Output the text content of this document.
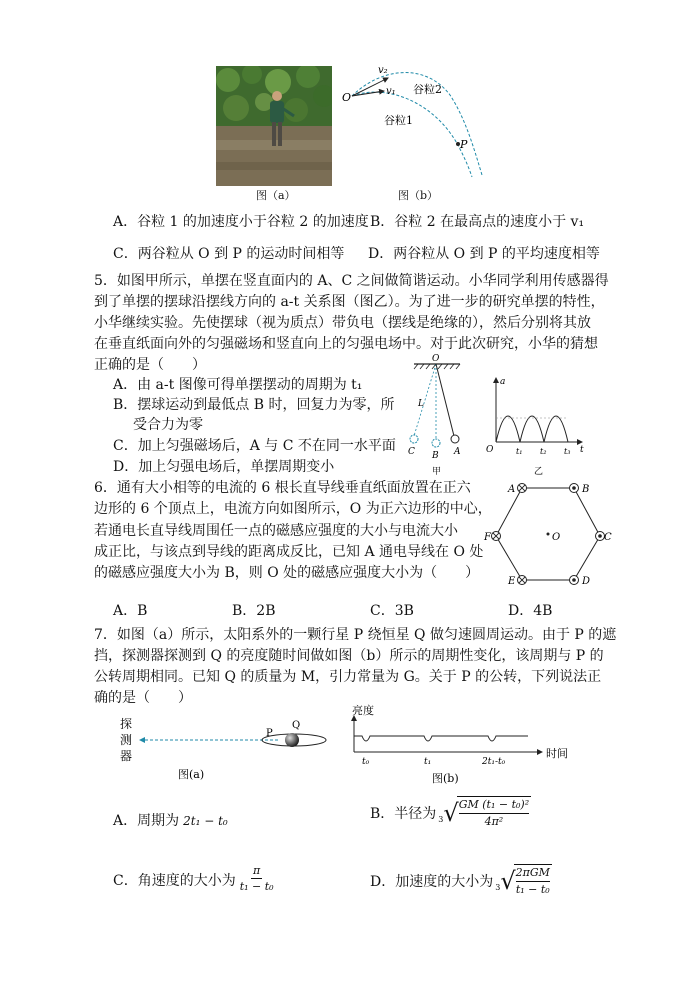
图（a）
v₂
v₁
O
谷粒2
谷粒1
P
图（b）
A．谷粒 1 的加速度小于谷粒 2 的加速度 B．谷粒 2 在最高点的速度小于 v₁
C．两谷粒从 O 到 P 的运动时间相等 D．两谷粒从 O 到 P 的平均速度相等
5．如图甲所示，单摆在竖直面内的 A、C 之间做简谐运动。小华同学利用传感器得
到了单摆的摆球沿摆线方向的 a-t 关系图（图乙）。为了进一步的研究单摆的特性，
小华继续实验。先使摆球（视为质点）带负电（摆线是绝缘的），然后分别将其放
在垂直纸面向外的匀强磁场和竖直向上的匀强电场中。对于此次研究，小华的猜想
正确的是（　　）
A．由 a-t 图像可得单摆摆动的周期为 t₁
B．摆球运动到最低点 B 时，回复力为零，所
受合力为零
C．加上匀强磁场后，A 与 C 不在同一水平面
D．加上匀强电场后，单摆周期变小
O
L
C B A
甲
a
O	t₁ t₂ t₃ t
乙
6．通有大小相等的电流的 6 根长直导线垂直纸面放置在正六
边形的 6 个顶点上，电流方向如图所示，O 为正六边形的中心，
若通电长直导线周围任一点的磁感应强度的大小与电流大小
成正比，与该点到导线的距离成反比，已知 A 通电导线在 O 处
的磁感应强度大小为 B，则 O 处的磁感应强度大小为（　　）
A	B
C
D
E
F	O
A．B	B．2B	C．3B	D．4B
7．如图（a）所示，太阳系外的一颗行星 P 绕恒星 Q 做匀速圆周运动。由于 P 的遮
挡，探测器探测到 Q 的亮度随时间做如图（b）所示的周期性变化，该周期与 P 的
公转周期相同。已知 Q 的质量为 M，引力常量为 G。关于 P 的公转，下列说法正
确的是（　　）
探
测
器
P
Q
图(a)
亮度
时间
t₀	t₁	2t₁-t₀
图(b)
A．周期为 2t₁ − t₀	B．半径为 3 √
$\frac{\text{GM (t₁ − t₀)²}}{\text{4π²}}$
C．角速度的大小为 $\frac{\pi}{\text{t₁ − t₀}}$	D．加速度的大小为 3 √ 2πGM
t₁ − t₀
